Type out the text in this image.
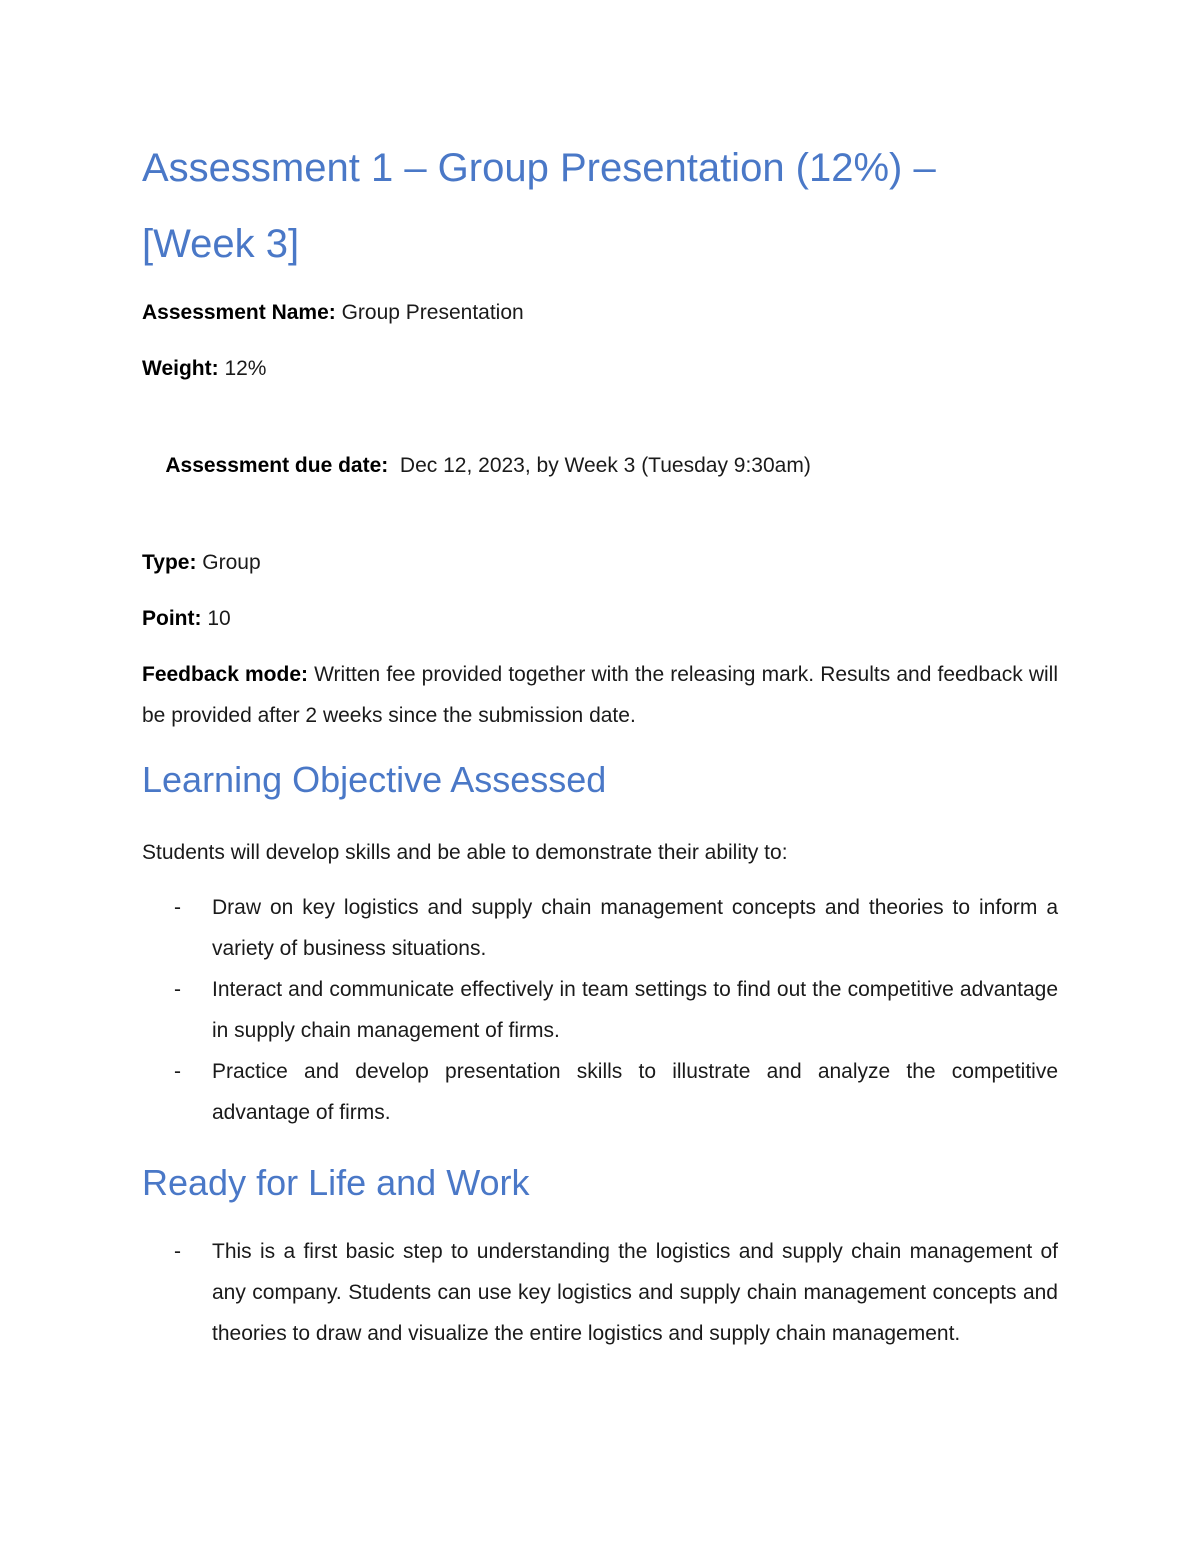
Assessment 1 – Group Presentation (12%) – [Week 3]

Assessment Name: Group Presentation

Weight: 12%

Assessment due date:  Dec 12, 2023, by Week 3 (Tuesday 9:30am)

Type: Group

Point: 10

Feedback mode: Written fee provided together with the releasing mark. Results and feedback will be provided after 2 weeks since the submission date.

Learning Objective Assessed

Students will develop skills and be able to demonstrate their ability to:

- Draw on key logistics and supply chain management concepts and theories to inform a variety of business situations.
- Interact and communicate effectively in team settings to find out the competitive advantage in supply chain management of firms.
- Practice and develop presentation skills to illustrate and analyze the competitive advantage of firms.
Ready for Life and Work
- This is a first basic step to understanding the logistics and supply chain management of any company. Students can use key logistics and supply chain management concepts and theories to draw and visualize the entire logistics and supply chain management.
